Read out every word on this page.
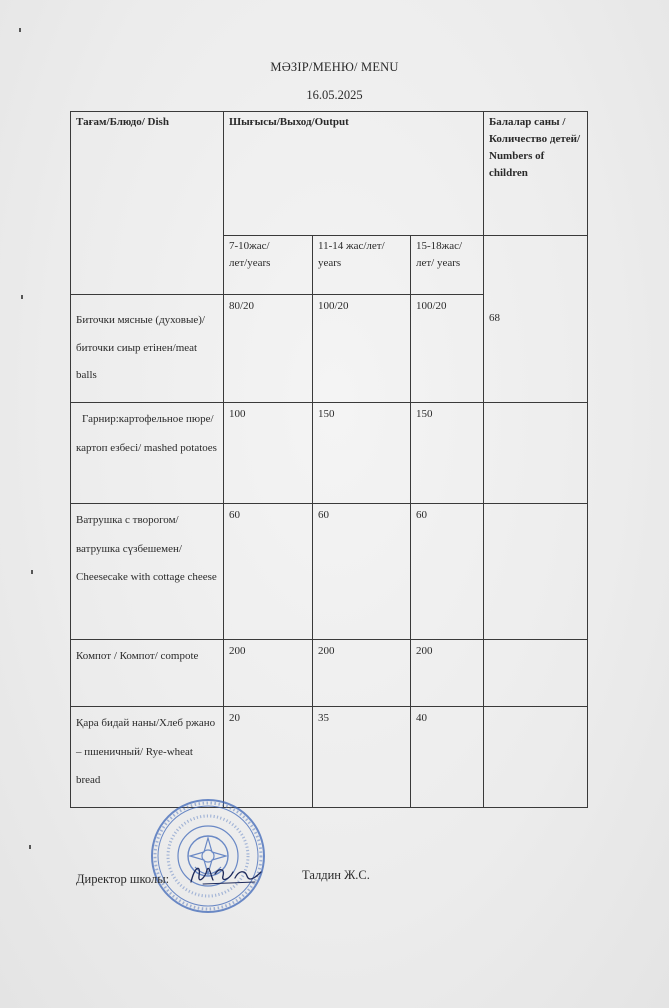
МӘЗІР/МЕНЮ/ MENU
16.05.2025
Тағам/Блюдо/ Dish	Шығысы/Выход/Output			Балалар саны /Количество детей/ Numbers of children
	7-10жас/лет/years	11-14 жас/лет/ years	15-18жас/лет/ years	68
Биточки мясные (духовые)/биточки сиыр етінен/meat balls	80/20	100/20	100/20	
Гарнир:картофельное пюре/ картоп езбесі/ mashed potatoes	100	150	150	
Ватрушка с творогом/ ватрушка сүзбешемен/ Cheesecake with cottage cheese	60	60	60	
Компот / Компот/ compote	200	200	200	
Қара бидай наны/Хлеб ржано – пшеничный/ Rye-wheat bread	20	35	40	
Директор школы:	Талдин Ж.С.
